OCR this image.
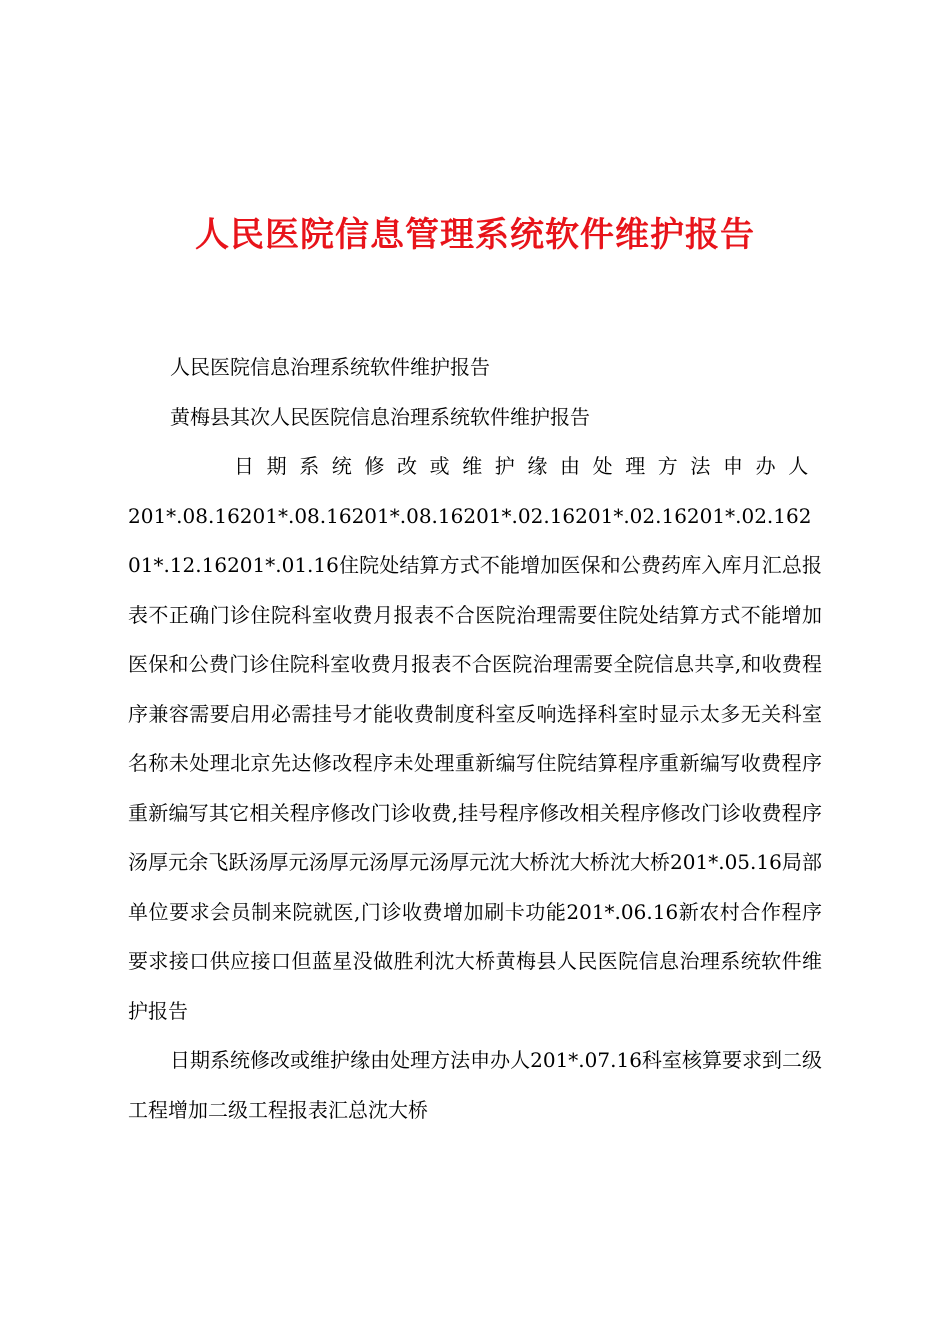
人民医院信息管理系统软件维护报告

人民医院信息治理系统软件维护报告

黄梅县其次人民医院信息治理系统软件维护报告

日期系统修改或维护缘由处理方法申办人

201*.08.16201*.08.16201*.08.16201*.02.16201*.02.16201*.02.16201*.12.16201*.01.16住院处结算方式不能增加医保和公费药库入库月汇总报表不正确门诊住院科室收费月报表不合医院治理需要住院处结算方式不能增加医保和公费门诊住院科室收费月报表不合医院治理需要全院信息共享,和收费程序兼容需要启用必需挂号才能收费制度科室反响选择科室时显示太多无关科室名称未处理北京先达修改程序未处理重新编写住院结算程序重新编写收费程序重新编写其它相关程序修改门诊收费,挂号程序修改相关程序修改门诊收费程序汤厚元余飞跃汤厚元汤厚元汤厚元汤厚元沈大桥沈大桥沈大桥201*.05.16局部单位要求会员制来院就医,门诊收费增加刷卡功能201*.06.16新农村合作程序要求接口供应接口但蓝星没做胜利沈大桥黄梅县人民医院信息治理系统软件维护报告

日期系统修改或维护缘由处理方法申办人201*.07.16科室核算要求到二级工程增加二级工程报表汇总沈大桥
